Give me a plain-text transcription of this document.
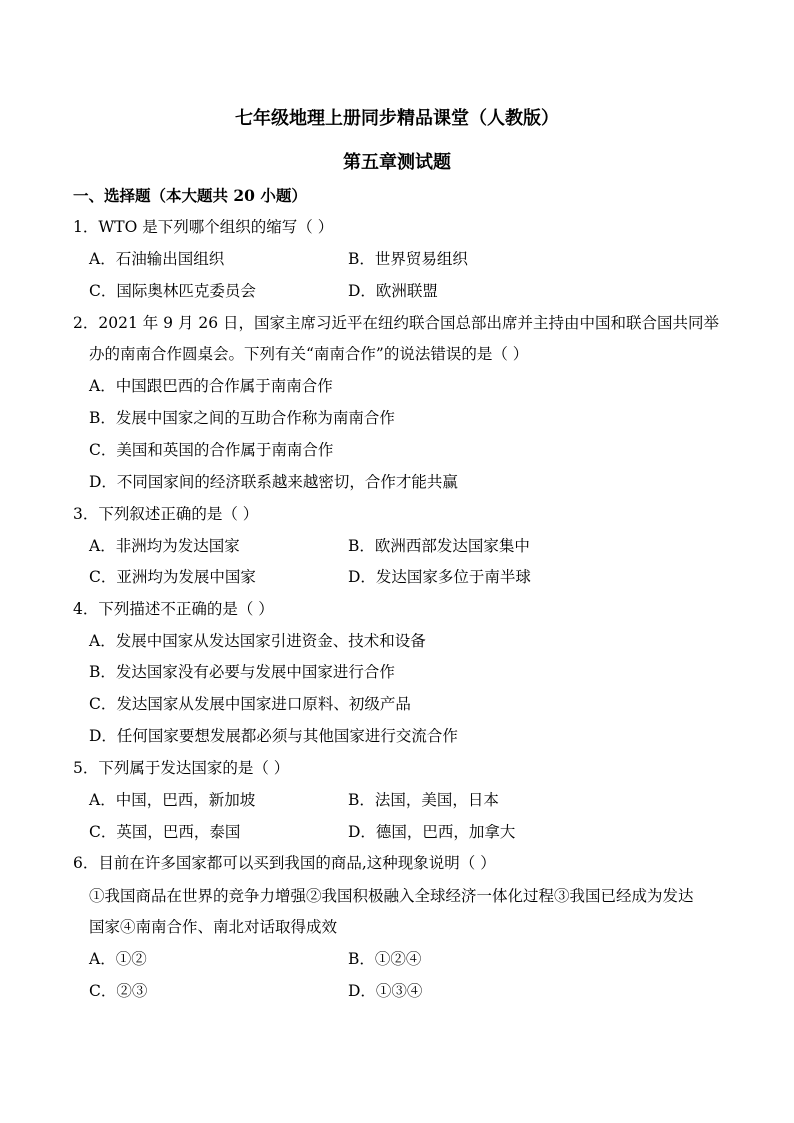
七年级地理上册同步精品课堂（人教版）
第五章测试题

一、选择题（本大题共 20 小题）

1．WTO 是下列哪个组织的缩写（ ）

A．石油输出国组织	B．世界贸易组织

C．国际奥林匹克委员会	D．欧洲联盟

2．2021 年 9 月 26 日，国家主席习近平在纽约联合国总部出席并主持由中国和联合国共同举

办的南南合作圆桌会。下列有关“南南合作”的说法错误的是（ ）

A．中国跟巴西的合作属于南南合作

B．发展中国家之间的互助合作称为南南合作

C．美国和英国的合作属于南南合作

D．不同国家间的经济联系越来越密切，合作才能共赢

3．下列叙述正确的是（ ）

A．非洲均为发达国家	B．欧洲西部发达国家集中

C．亚洲均为发展中国家	D．发达国家多位于南半球

4．下列描述不正确的是（ ）

A．发展中国家从发达国家引进资金、技术和设备

B．发达国家没有必要与发展中国家进行合作

C．发达国家从发展中国家进口原料、初级产品

D．任何国家要想发展都必须与其他国家进行交流合作

5．下列属于发达国家的是（ ）

A．中国，巴西，新加坡	B．法国，美国，日本

C．英国，巴西，泰国	D．德国，巴西，加拿大

6．目前在许多国家都可以买到我国的商品,这种现象说明（ ）

①我国商品在世界的竞争力增强②我国积极融入全球经济一体化过程③我国已经成为发达

国家④南南合作、南北对话取得成效

A．①②	B．①②④

C．②③	D．①③④
